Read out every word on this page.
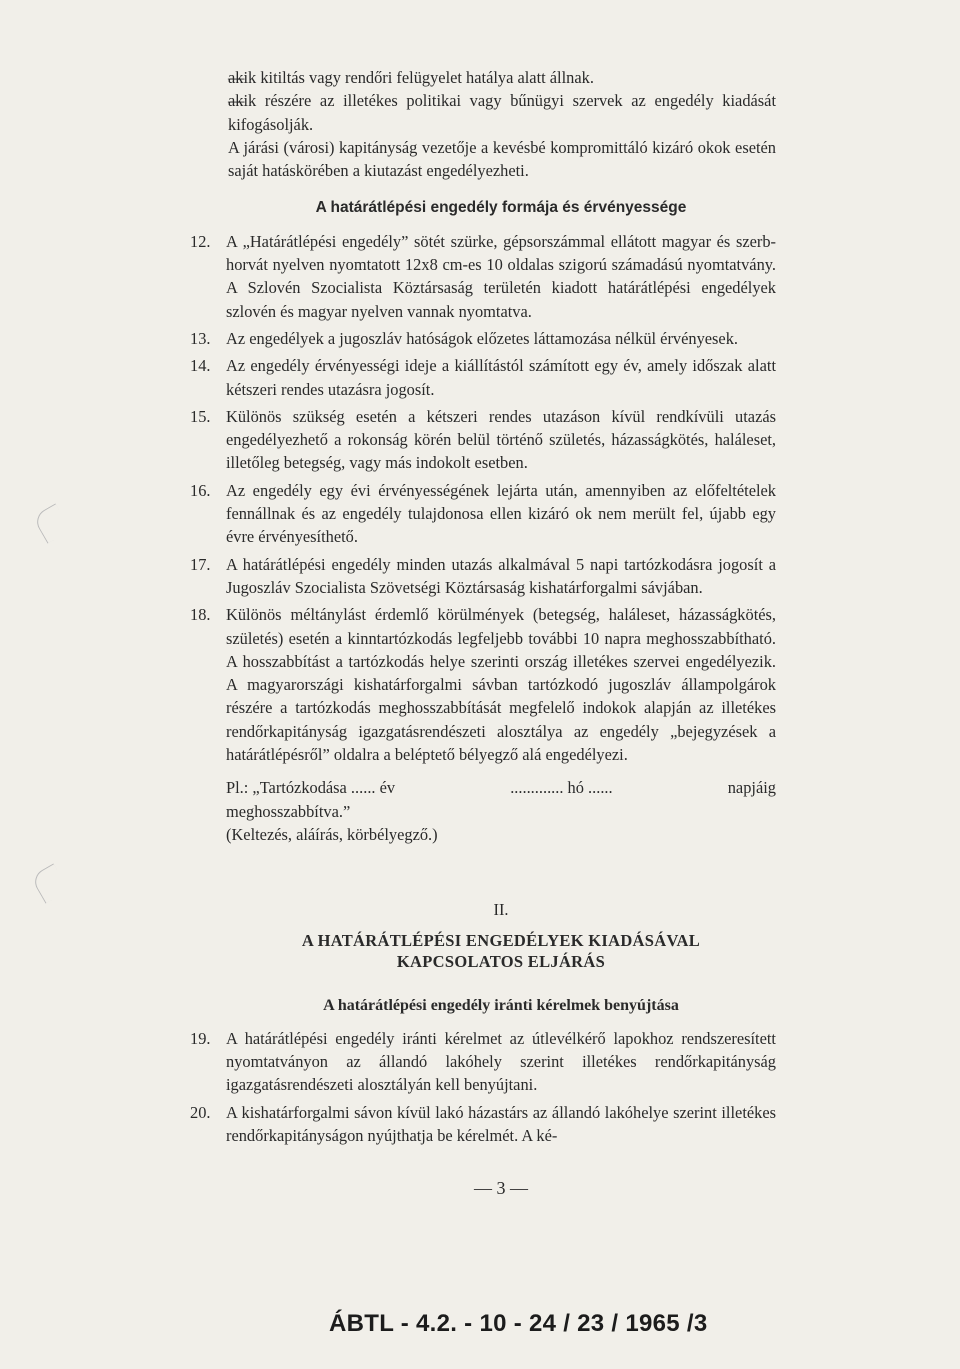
—
akik kitiltás vagy rendőri felügyelet hatálya alatt állnak.
—
akik részére az illetékes politikai vagy bűnügyi szervek az engedély kiadását kifogásolják.
A járási (városi) kapitányság vezetője a kevésbé kompromittáló kizáró okok esetén saját hatáskörében a kiutazást engedélyezheti.
A határátlépési engedély formája és érvényessége
12. A „Határátlépési engedély” sötét szürke, gépsorszámmal ellátott magyar és szerb-horvát nyelven nyomtatott 12x8 cm-es 10 oldalas szigorú számadású nyomtatvány. A Szlovén Szocialista Köztársaság területén kiadott határátlépési engedélyek szlovén és magyar nyelven vannak nyomtatva.
13. Az engedélyek a jugoszláv hatóságok előzetes láttamozása nélkül érvényesek.
14. Az engedély érvényességi ideje a kiállítástól számított egy év, amely időszak alatt kétszeri rendes utazásra jogosít.
15. Különös szükség esetén a kétszeri rendes utazáson kívül rendkívüli utazás engedélyezhető a rokonság körén belül történő születés, házasságkötés, haláleset, illetőleg betegség, vagy más indokolt esetben.
16. Az engedély egy évi érvényességének lejárta után, amennyiben az előfeltételek fennállnak és az engedély tulajdonosa ellen kizáró ok nem merült fel, újabb egy évre érvényesíthető.
17. A határátlépési engedély minden utazás alkalmával 5 napi tartózkodásra jogosít a Jugoszláv Szocialista Szövetségi Köztársaság kishatárforgalmi sávjában.
18. Különös méltánylást érdemlő körülmények (betegség, haláleset, házasságkötés, születés) esetén a kinntartózkodás legfeljebb további 10 napra meghosszabbítható. A hosszabbítást a tartózkodás helye szerinti ország illetékes szervei engedélyezik. A magyarországi kishatárforgalmi sávban tartózkodó jugoszláv állampolgárok részére a tartózkodás meghosszabbítását megfelelő indokok alapján az illetékes rendőrkapitányság igazgatásrendészeti alosztálya az engedély „bejegyzések a határátlépésről” oldalra a beléptető bélyegző alá engedélyezi.
Pl.: „Tartózkodása ...... év	............. hó ......	napjáig
meghosszabbítva.”
(Keltezés, aláírás, körbélyegző.)
II.
A HATÁRÁTLÉPÉSI ENGEDÉLYEK KIADÁSÁVAL
KAPCSOLATOS ELJÁRÁS
A határátlépési engedély iránti kérelmek benyújtása
19. A határátlépési engedély iránti kérelmet az útlevélkérő lapokhoz rendszeresített nyomtatványon az állandó lakóhely szerint illetékes rendőrkapitányság igazgatásrendészeti alosztályán kell benyújtani.
20. A kishatárforgalmi sávon kívül lakó házastárs az állandó lakóhelye szerint illetékes rendőrkapitányságon nyújthatja be kérelmét. A ké-
— 3 —
ÁBTL - 4.2. - 10 - 24 / 23 / 1965 /3
